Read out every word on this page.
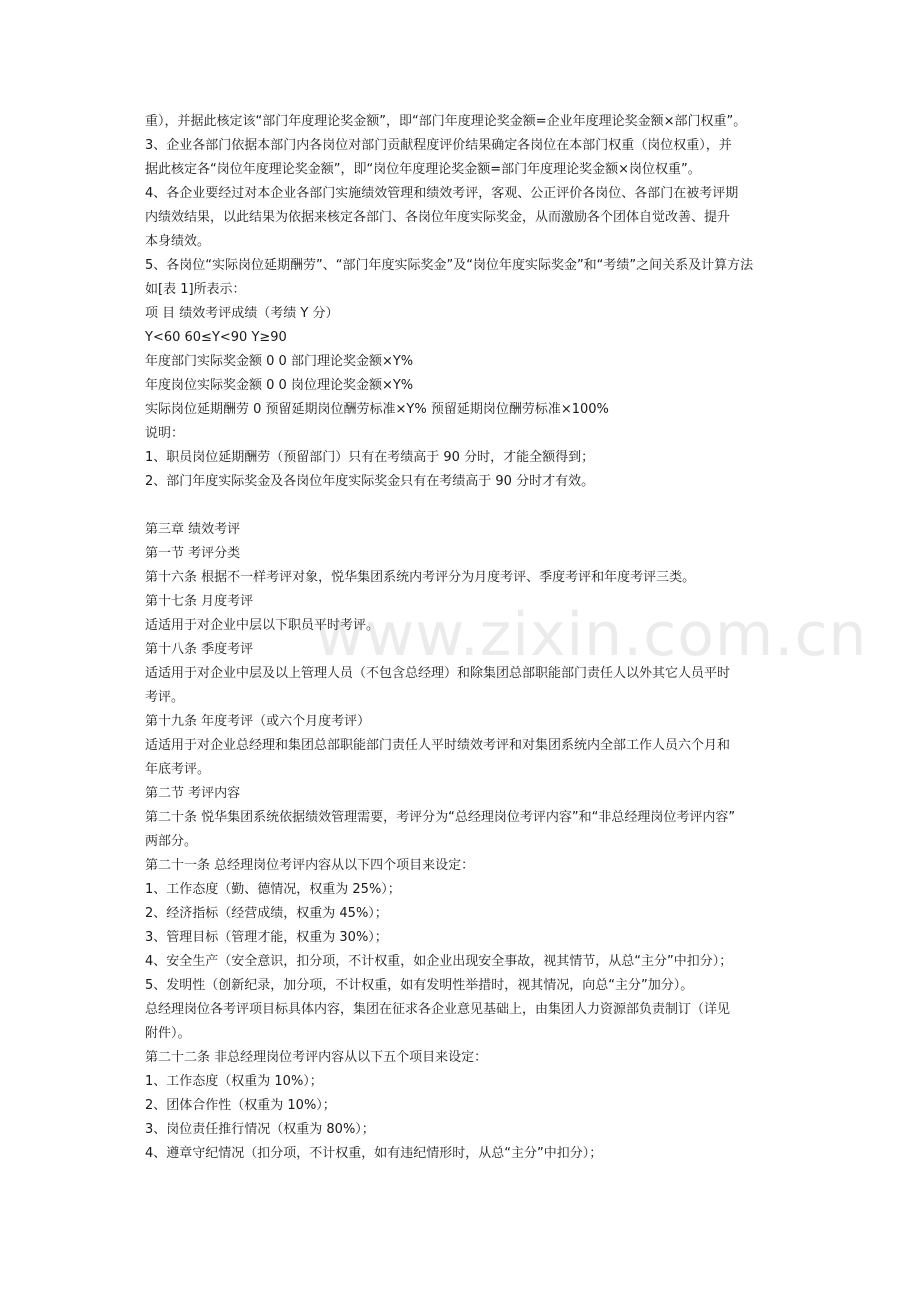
www.zixin.com.cn
重），并据此核定该“部门年度理论奖金额”，即“部门年度理论奖金额=企业年度理论奖金额×部门权重”。
3、企业各部门依据本部门内各岗位对部门贡献程度评价结果确定各岗位在本部门权重（岗位权重），并
据此核定各“岗位年度理论奖金额”，即“岗位年度理论奖金额=部门年度理论奖金额×岗位权重”。
4、各企业要经过对本企业各部门实施绩效管理和绩效考评，客观、公正评价各岗位、各部门在被考评期
内绩效结果，以此结果为依据来核定各部门、各岗位年度实际奖金，从而激励各个团体自觉改善、提升
本身绩效。
5、各岗位“实际岗位延期酬劳”、“部门年度实际奖金”及“岗位年度实际奖金”和“考绩”之间关系及计算方法
如[表 1]所表示：
项 目 绩效考评成绩（考绩 Y 分）
Y<60 60≤Y<90 Y≥90
年度部门实际奖金额 0 0 部门理论奖金额×Y%
年度岗位实际奖金额 0 0 岗位理论奖金额×Y%
实际岗位延期酬劳 0 预留延期岗位酬劳标准×Y% 预留延期岗位酬劳标准×100%
说明：
1、职员岗位延期酬劳（预留部门）只有在考绩高于 90 分时，才能全额得到；
2、部门年度实际奖金及各岗位年度实际奖金只有在考绩高于 90 分时才有效。
第三章 绩效考评
第一节 考评分类
第十六条 根据不一样考评对象，悦华集团系统内考评分为月度考评、季度考评和年度考评三类。
第十七条 月度考评
适适用于对企业中层以下职员平时考评。
第十八条 季度考评
适适用于对企业中层及以上管理人员（不包含总经理）和除集团总部职能部门责任人以外其它人员平时
考评。
第十九条 年度考评（或六个月度考评）
适适用于对企业总经理和集团总部职能部门责任人平时绩效考评和对集团系统内全部工作人员六个月和
年底考评。
第二节 考评内容
第二十条 悦华集团系统依据绩效管理需要，考评分为“总经理岗位考评内容”和“非总经理岗位考评内容”
两部分。
第二十一条 总经理岗位考评内容从以下四个项目来设定：
1、工作态度（勤、德情况，权重为 25%）；
2、经济指标（经营成绩，权重为 45%）；
3、管理目标（管理才能，权重为 30%）；
4、安全生产（安全意识，扣分项，不计权重，如企业出现安全事故，视其情节，从总“主分”中扣分）；
5、发明性（创新纪录，加分项，不计权重，如有发明性举措时，视其情况，向总“主分”加分）。
总经理岗位各考评项目标具体内容，集团在征求各企业意见基础上，由集团人力资源部负责制订（详见
附件）。
第二十二条 非总经理岗位考评内容从以下五个项目来设定：
1、工作态度（权重为 10%）；
2、团体合作性（权重为 10%）；
3、岗位责任推行情况（权重为 80%）；
4、遵章守纪情况（扣分项，不计权重，如有违纪情形时，从总“主分”中扣分）；
